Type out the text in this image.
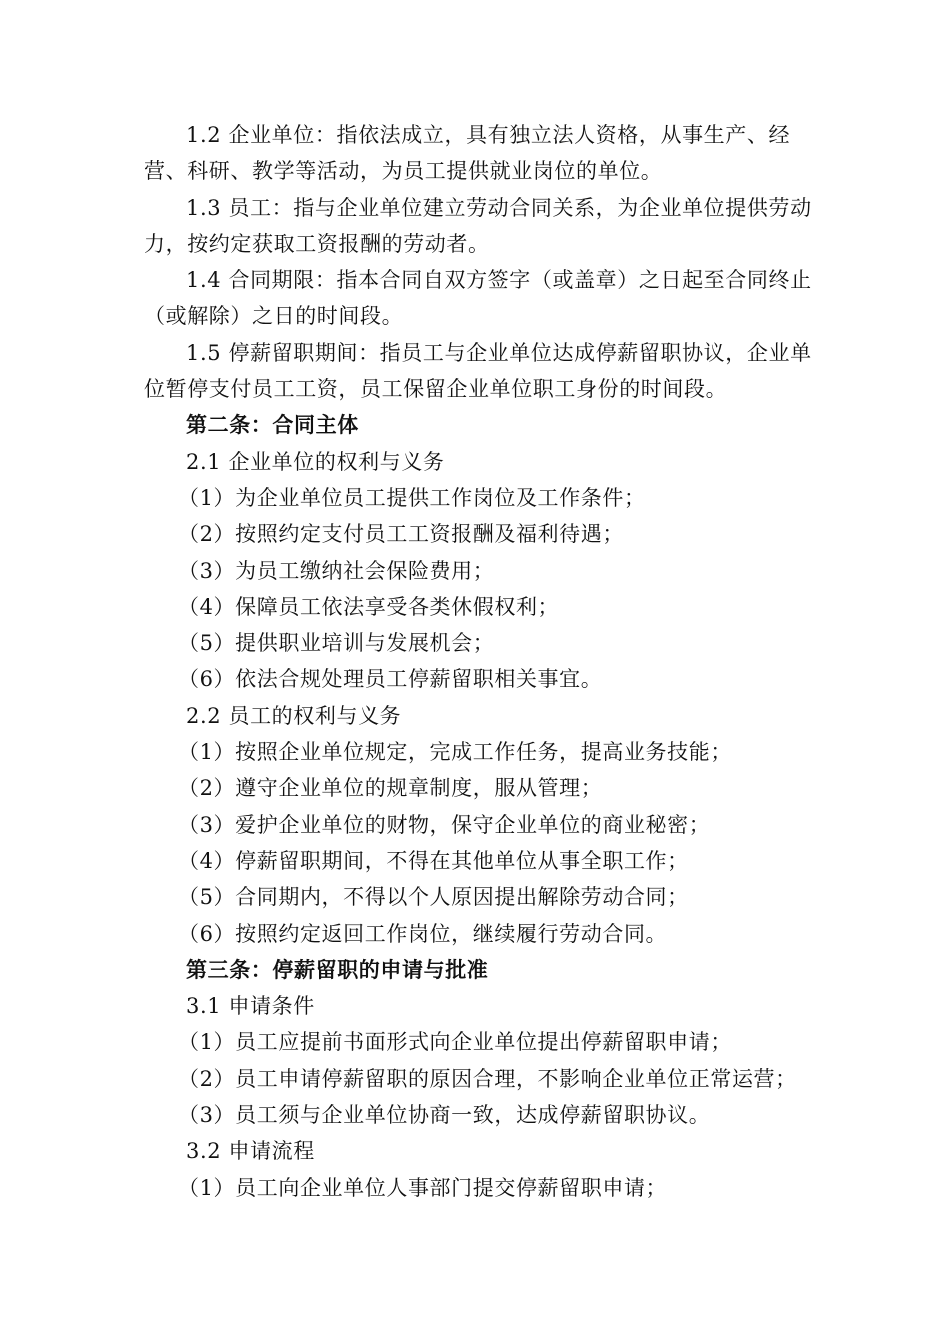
1.2 企业单位：指依法成立，具有独立法人资格，从事生产、经营、科研、教学等活动，为员工提供就业岗位的单位。

1.3 员工：指与企业单位建立劳动合同关系，为企业单位提供劳动力，按约定获取工资报酬的劳动者。

1.4 合同期限：指本合同自双方签字（或盖章）之日起至合同终止（或解除）之日的时间段。

1.5 停薪留职期间：指员工与企业单位达成停薪留职协议，企业单位暂停支付员工工资，员工保留企业单位职工身份的时间段。

第二条：合同主体

2.1 企业单位的权利与义务

（1）为企业单位员工提供工作岗位及工作条件；

（2）按照约定支付员工工资报酬及福利待遇；

（3）为员工缴纳社会保险费用；

（4）保障员工依法享受各类休假权利；

（5）提供职业培训与发展机会；

（6）依法合规处理员工停薪留职相关事宜。

2.2 员工的权利与义务

（1）按照企业单位规定，完成工作任务，提高业务技能；

（2）遵守企业单位的规章制度，服从管理；

（3）爱护企业单位的财物，保守企业单位的商业秘密；

（4）停薪留职期间，不得在其他单位从事全职工作；

（5）合同期内，不得以个人原因提出解除劳动合同；

（6）按照约定返回工作岗位，继续履行劳动合同。

第三条：停薪留职的申请与批准

3.1 申请条件

（1）员工应提前书面形式向企业单位提出停薪留职申请；

（2）员工申请停薪留职的原因合理，不影响企业单位正常运营；

（3）员工须与企业单位协商一致，达成停薪留职协议。

3.2 申请流程

（1）员工向企业单位人事部门提交停薪留职申请；
